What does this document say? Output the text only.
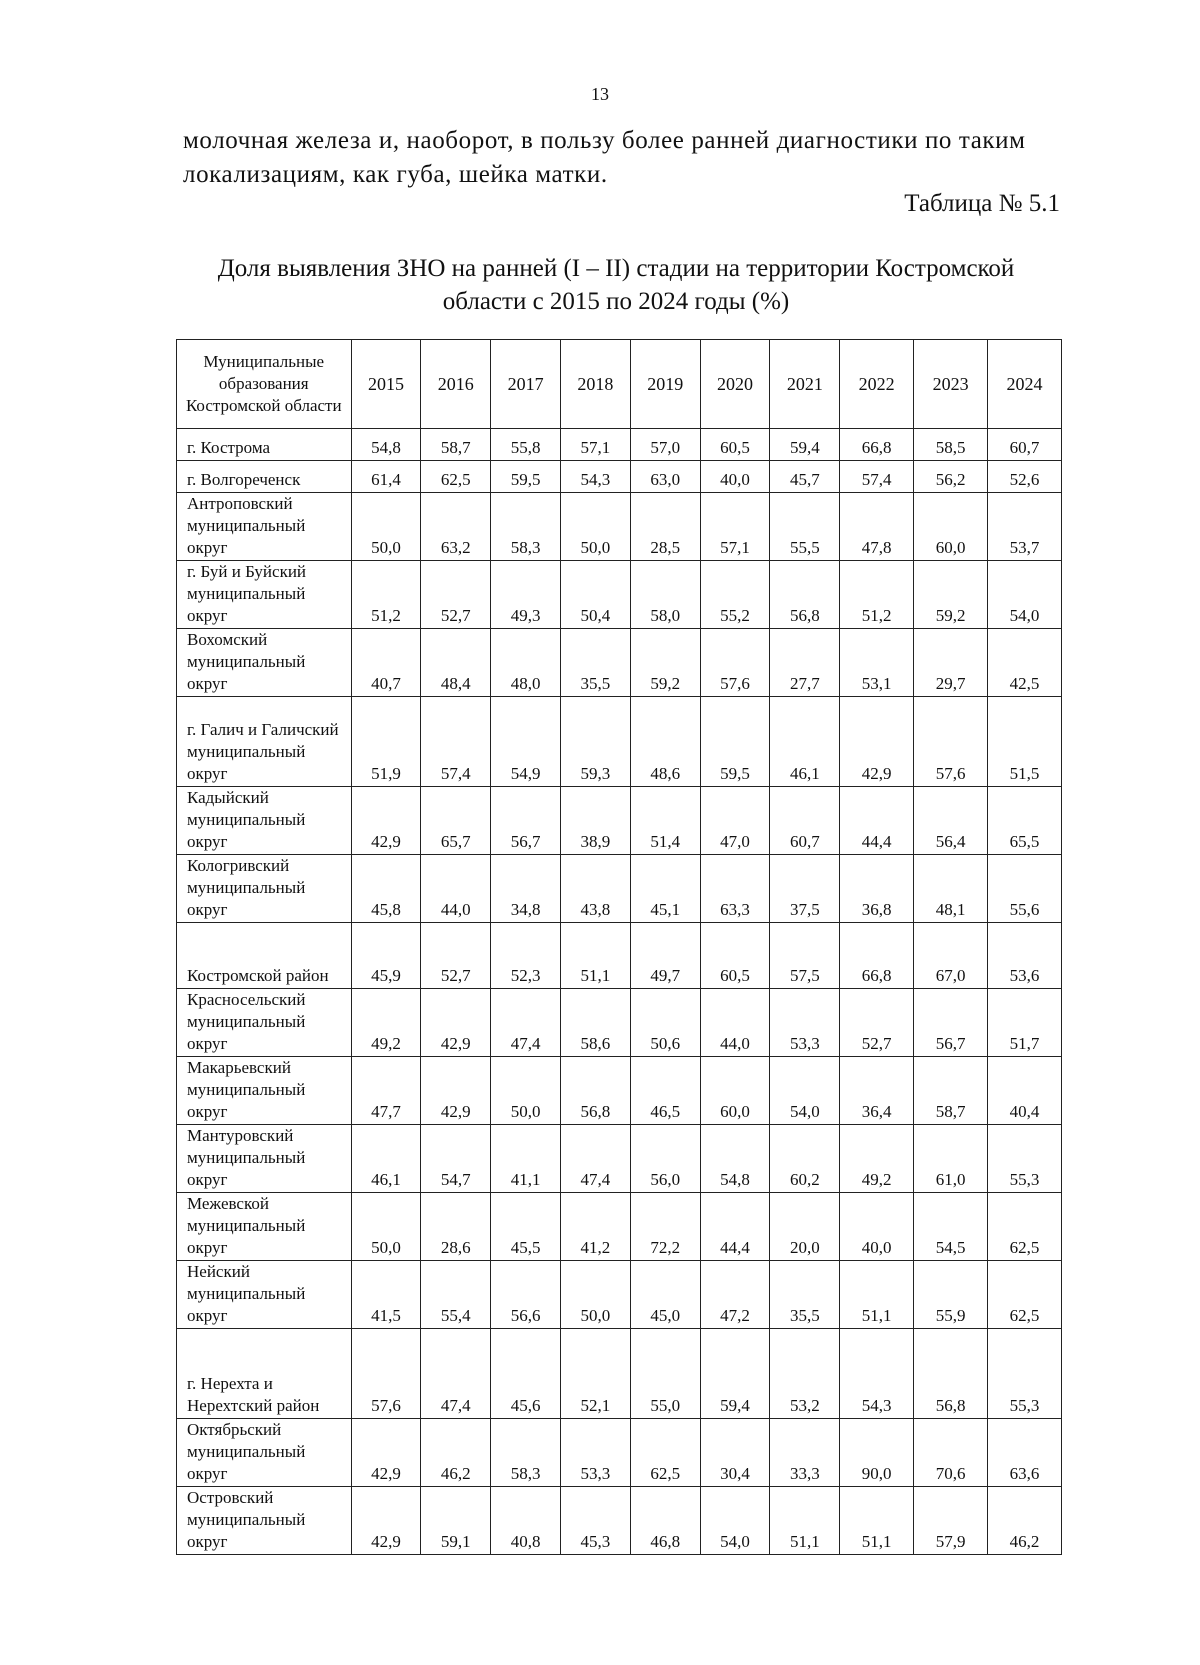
13
молочная железа и, наоборот, в пользу более ранней диагностики по таким локализациям, как губа, шейка матки.
Таблица № 5.1
Доля выявления ЗНО на ранней (I – II) стадии на территории Костромской
области с 2015 по 2024 годы (%)
Муниципальные образования Костромской области	2015	2016	2017	2018	2019	2020	2021	2022	2023	2024
г. Кострома	54,8	58,7	55,8	57,1	57,0	60,5	59,4	66,8	58,5	60,7
г. Волгореченск	61,4	62,5	59,5	54,3	63,0	40,0	45,7	57,4	56,2	52,6
Антроповский муниципальный округ	50,0	63,2	58,3	50,0	28,5	57,1	55,5	47,8	60,0	53,7
г. Буй и Буйский муниципальный округ	51,2	52,7	49,3	50,4	58,0	55,2	56,8	51,2	59,2	54,0
Вохомский муниципальный округ	40,7	48,4	48,0	35,5	59,2	57,6	27,7	53,1	29,7	42,5
г. Галич и Галичский муниципальный округ	51,9	57,4	54,9	59,3	48,6	59,5	46,1	42,9	57,6	51,5
Кадыйский муниципальный округ	42,9	65,7	56,7	38,9	51,4	47,0	60,7	44,4	56,4	65,5
Кологривский муниципальный округ	45,8	44,0	34,8	43,8	45,1	63,3	37,5	36,8	48,1	55,6
Костромской район	45,9	52,7	52,3	51,1	49,7	60,5	57,5	66,8	67,0	53,6
Красносельский муниципальный округ	49,2	42,9	47,4	58,6	50,6	44,0	53,3	52,7	56,7	51,7
Макарьевский муниципальный округ	47,7	42,9	50,0	56,8	46,5	60,0	54,0	36,4	58,7	40,4
Мантуровский муниципальный округ	46,1	54,7	41,1	47,4	56,0	54,8	60,2	49,2	61,0	55,3
Межевской муниципальный округ	50,0	28,6	45,5	41,2	72,2	44,4	20,0	40,0	54,5	62,5
Нейский муниципальный округ	41,5	55,4	56,6	50,0	45,0	47,2	35,5	51,1	55,9	62,5
г. Нерехта и Нерехтский район	57,6	47,4	45,6	52,1	55,0	59,4	53,2	54,3	56,8	55,3
Октябрьский муниципальный округ	42,9	46,2	58,3	53,3	62,5	30,4	33,3	90,0	70,6	63,6
Островский муниципальный округ	42,9	59,1	40,8	45,3	46,8	54,0	51,1	51,1	57,9	46,2
